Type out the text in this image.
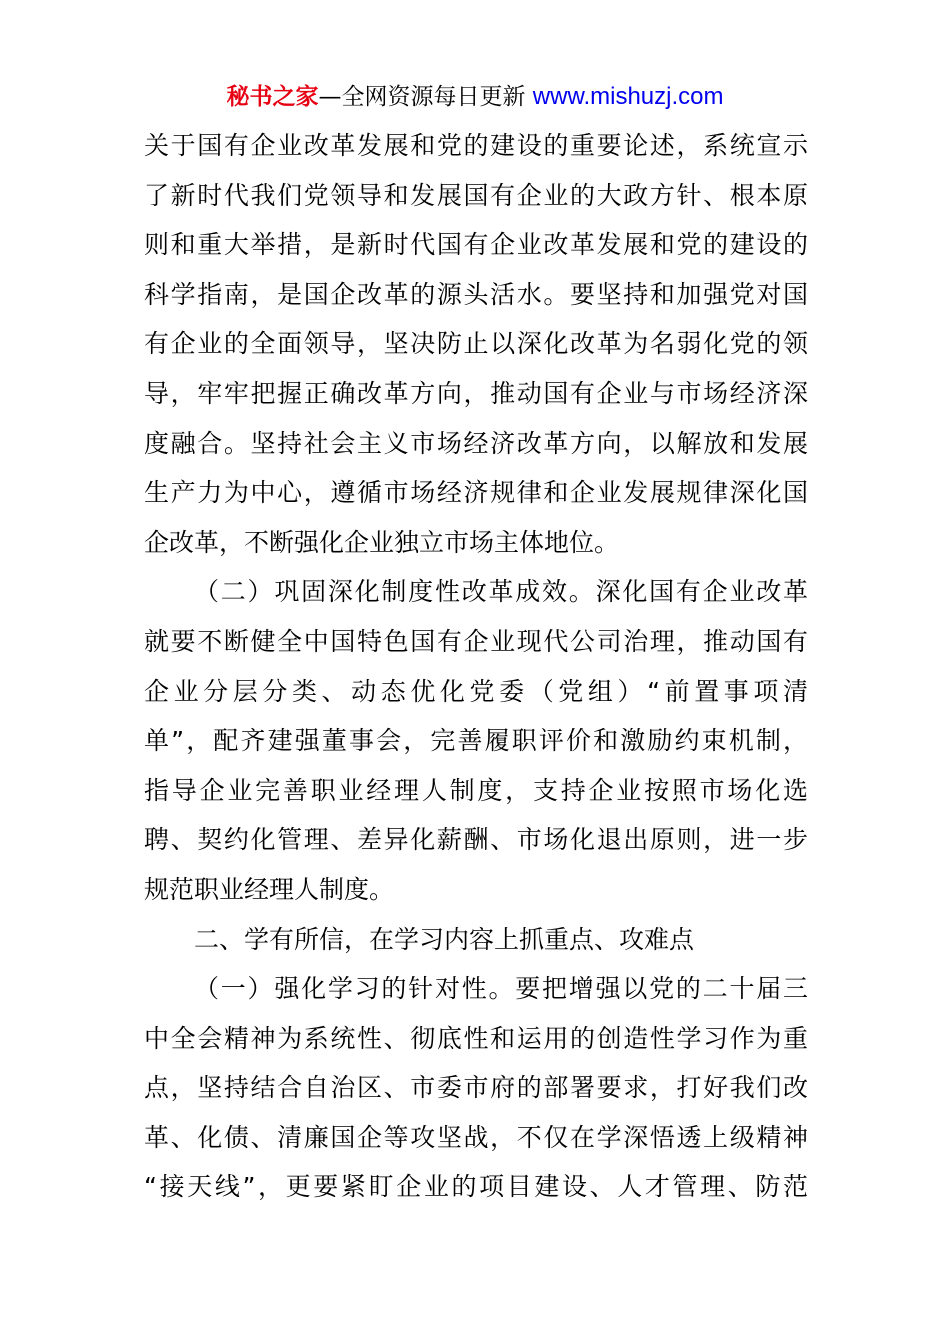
秘书之家—全网资源每日更新 www.mishuzj.com
关于国有企业改革发展和党的建设的重要论述，系统宣示
了新时代我们党领导和发展国有企业的大政方针、根本原
则和重大举措，是新时代国有企业改革发展和党的建设的
科学指南，是国企改革的源头活水。要坚持和加强党对国
有企业的全面领导，坚决防止以深化改革为名弱化党的领
导，牢牢把握正确改革方向，推动国有企业与市场经济深
度融合。坚持社会主义市场经济改革方向，以解放和发展
生产力为中心，遵循市场经济规律和企业发展规律深化国
企改革，不断强化企业独立市场主体地位。
（二）巩固深化制度性改革成效。深化国有企业改革
就要不断健全中国特色国有企业现代公司治理，推动国有
企业分层分类、动态优化党委（党组）“前置事项清
单”，配齐建强董事会，完善履职评价和激励约束机制，
指导企业完善职业经理人制度，支持企业按照市场化选
聘、契约化管理、差异化薪酬、市场化退出原则，进一步
规范职业经理人制度。
二、学有所信，在学习内容上抓重点、攻难点
（一）强化学习的针对性。要把增强以党的二十届三
中全会精神为系统性、彻底性和运用的创造性学习作为重
点，坚持结合自治区、市委市府的部署要求，打好我们改
革、化债、清廉国企等攻坚战，不仅在学深悟透上级精神
“接天线”，更要紧盯企业的项目建设、人才管理、防范
